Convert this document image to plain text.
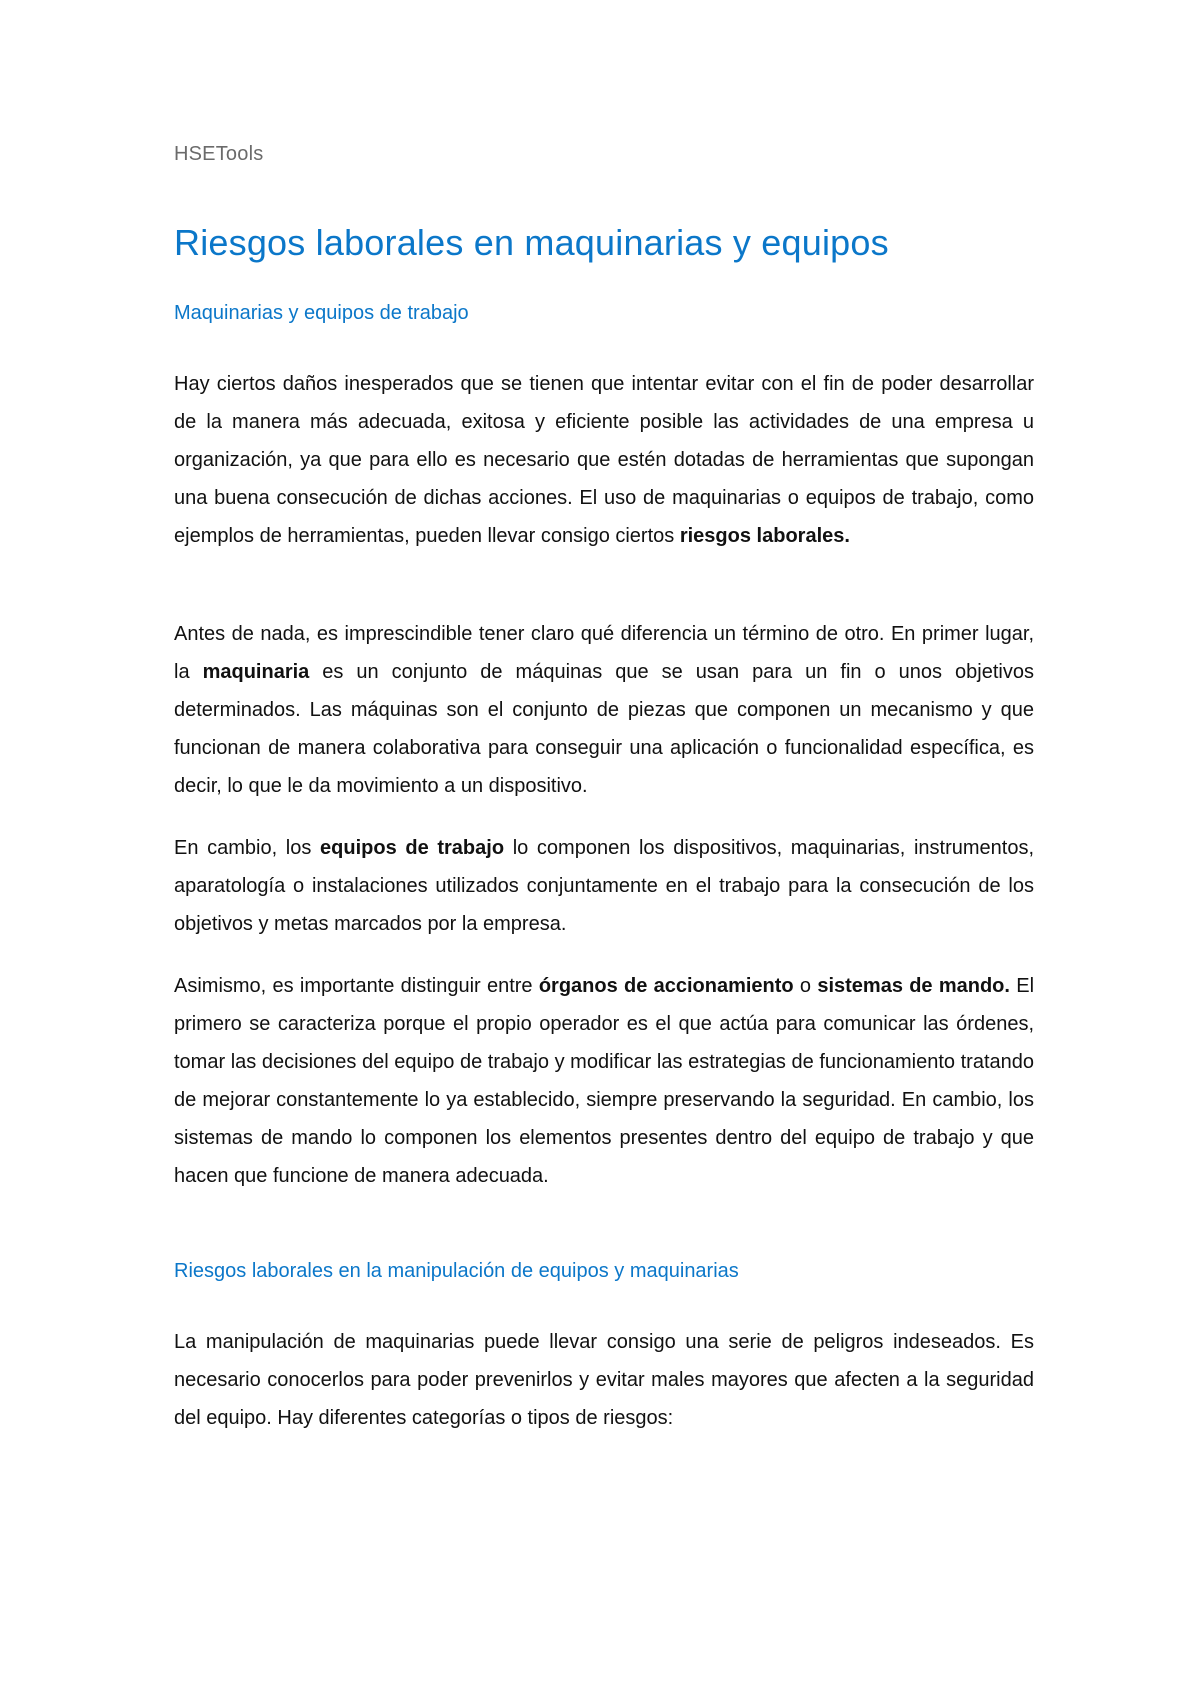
HSETools
Riesgos laborales en maquinarias y equipos
Maquinarias y equipos de trabajo

Hay ciertos daños inesperados que se tienen que intentar evitar con el fin de poder desarrollar de la manera más adecuada, exitosa y eficiente posible las actividades de una empresa u organización, ya que para ello es necesario que estén dotadas de herramientas que supongan una buena consecución de dichas acciones. El uso de maquinarias o equipos de trabajo, como ejemplos de herramientas, pueden llevar consigo ciertos riesgos laborales.

Antes de nada, es imprescindible tener claro qué diferencia un término de otro. En primer lugar, la maquinaria es un conjunto de máquinas que se usan para un fin o unos objetivos determinados. Las máquinas son el conjunto de piezas que componen un mecanismo y que funcionan de manera colaborativa para conseguir una aplicación o funcionalidad específica, es decir, lo que le da movimiento a un dispositivo.

En cambio, los equipos de trabajo lo componen los dispositivos, maquinarias, instrumentos, aparatología o instalaciones utilizados conjuntamente en el trabajo para la consecución de los objetivos y metas marcados por la empresa.

Asimismo, es importante distinguir entre órganos de accionamiento o sistemas de mando. El primero se caracteriza porque el propio operador es el que actúa para comunicar las órdenes, tomar las decisiones del equipo de trabajo y modificar las estrategias de funcionamiento tratando de mejorar constantemente lo ya establecido, siempre preservando la seguridad. En cambio, los sistemas de mando lo componen los elementos presentes dentro del equipo de trabajo y que hacen que funcione de manera adecuada.

Riesgos laborales en la manipulación de equipos y maquinarias

La manipulación de maquinarias puede llevar consigo una serie de peligros indeseados. Es necesario conocerlos para poder prevenirlos y evitar males mayores que afecten a la seguridad del equipo. Hay diferentes categorías o tipos de riesgos:
